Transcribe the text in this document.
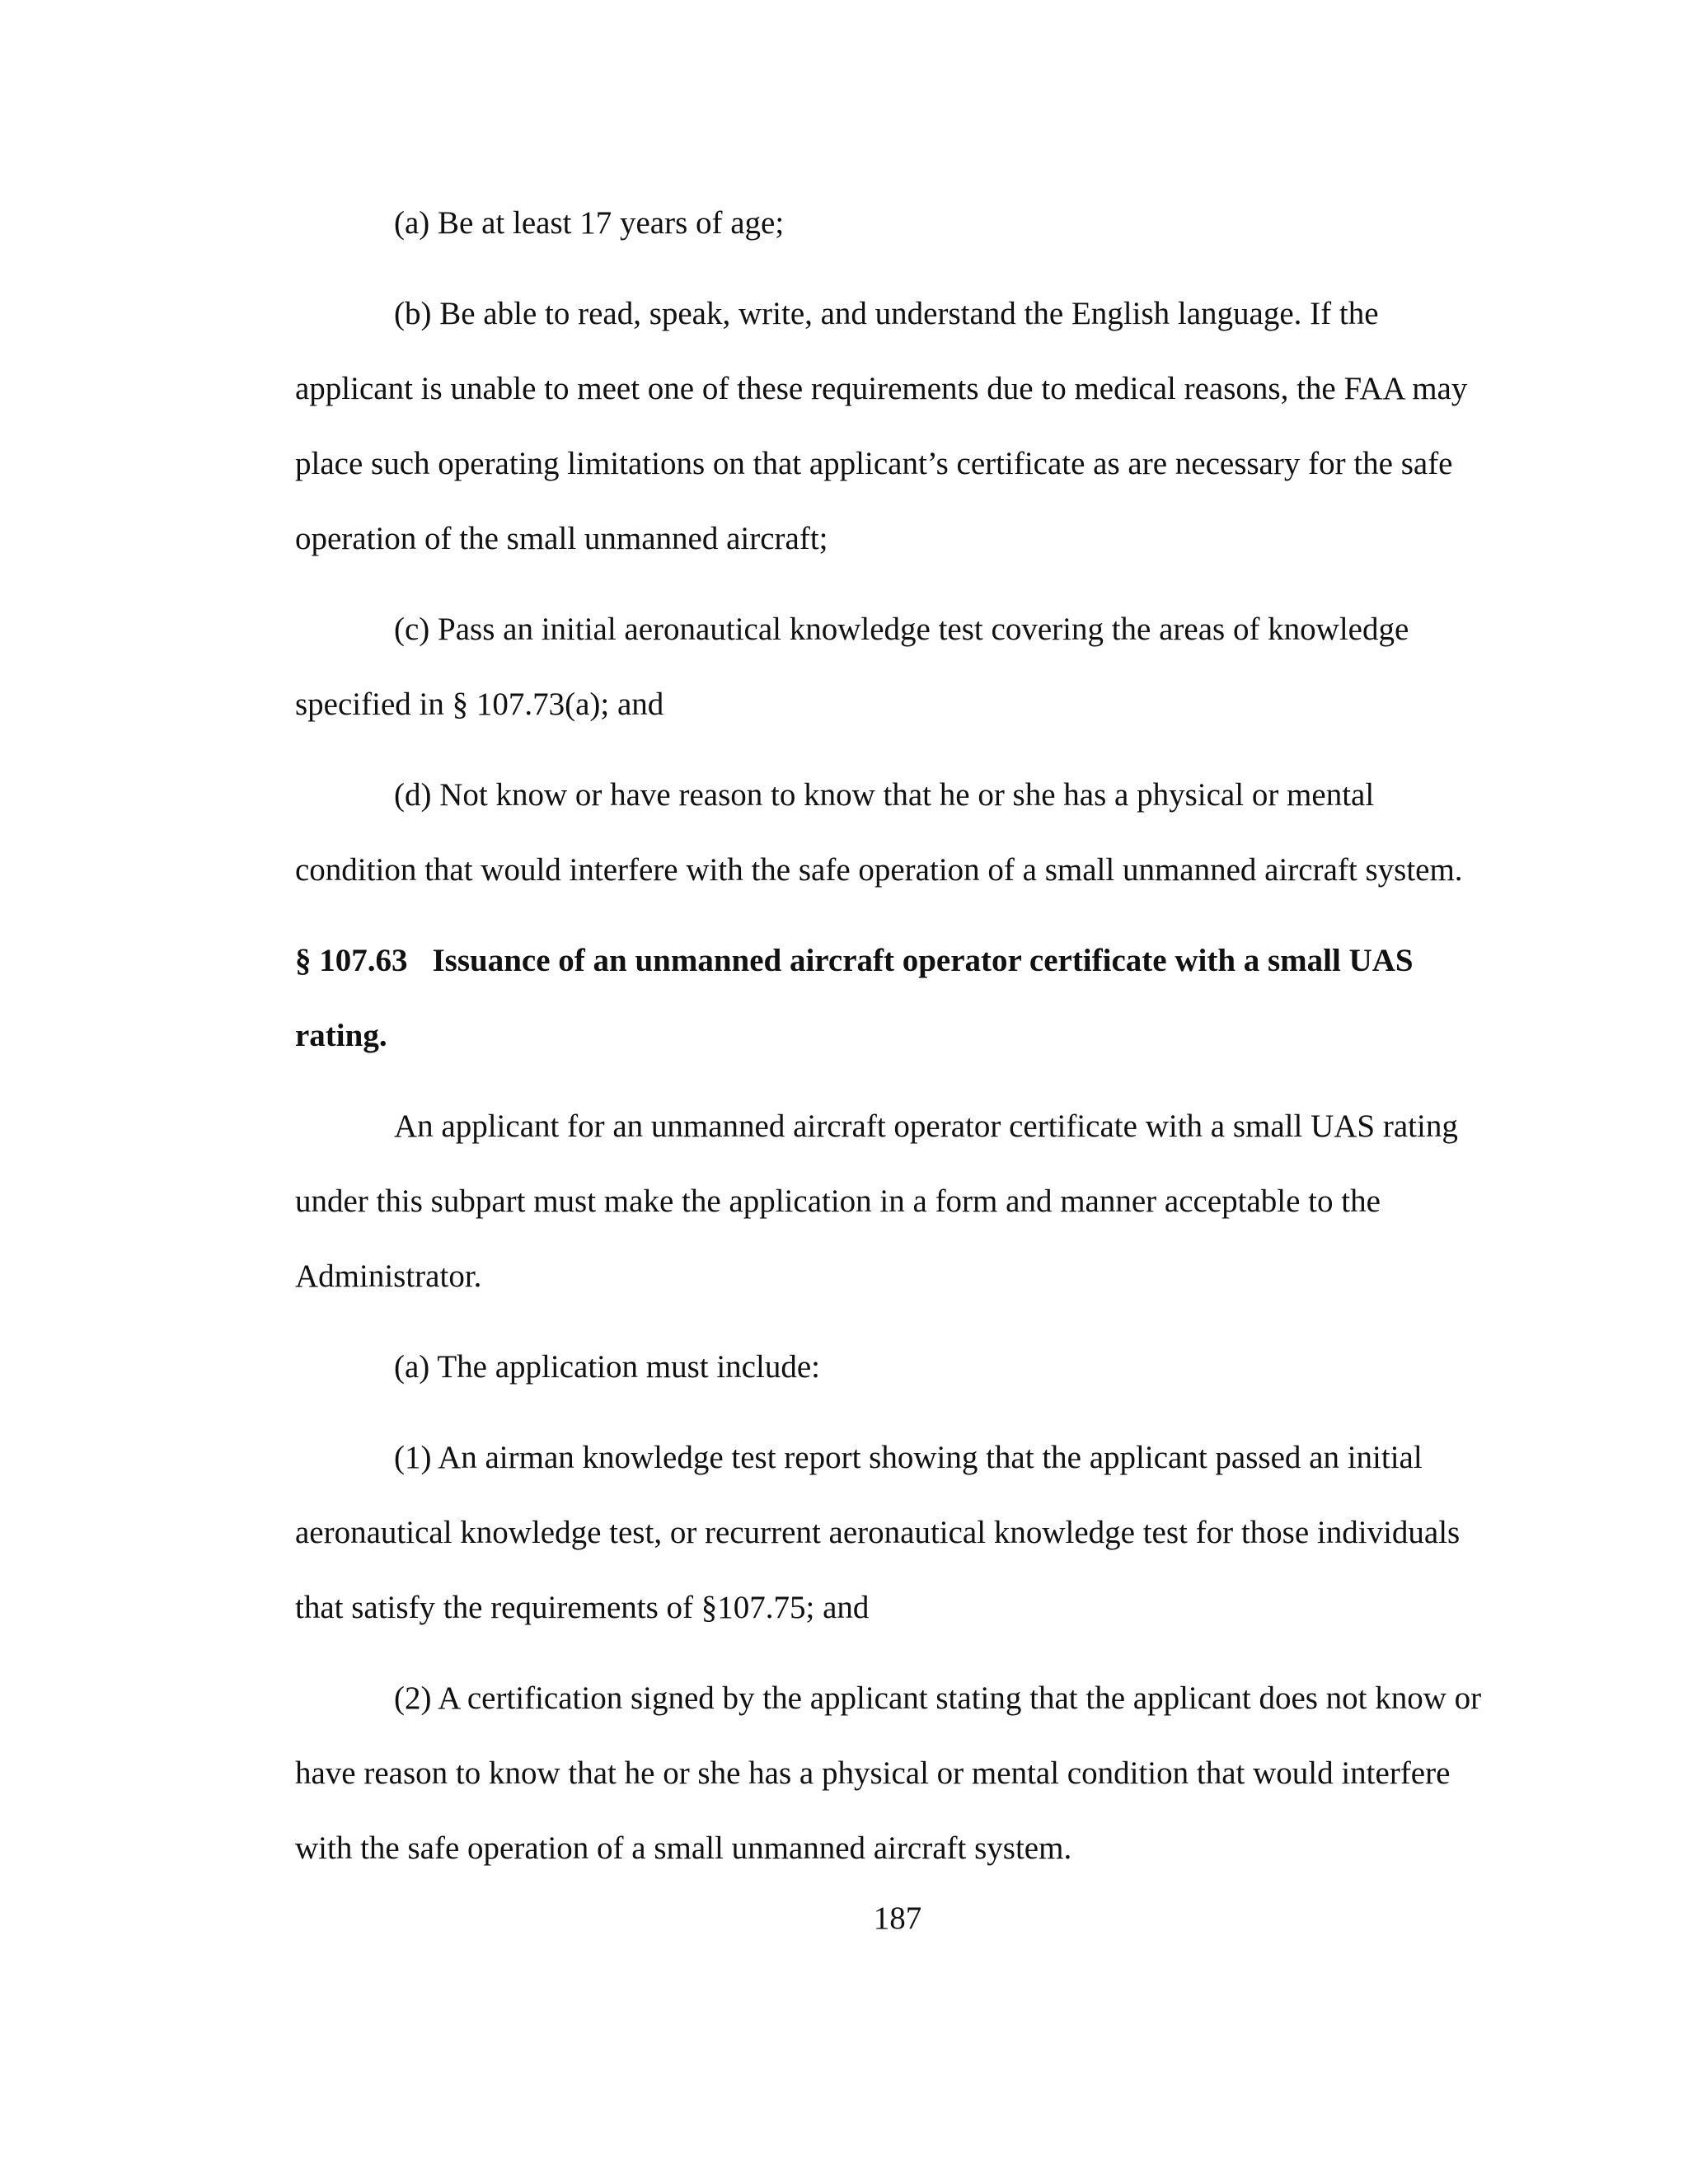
(a) Be at least 17 years of age;

(b) Be able to read, speak, write, and understand the English language. If the applicant is unable to meet one of these requirements due to medical reasons, the FAA may place such operating limitations on that applicant’s certificate as are necessary for the safe operation of the small unmanned aircraft;

(c) Pass an initial aeronautical knowledge test covering the areas of knowledge specified in § 107.73(a); and

(d) Not know or have reason to know that he or she has a physical or mental condition that would interfere with the safe operation of a small unmanned aircraft system.

§ 107.63 Issuance of an unmanned aircraft operator certificate with a small UAS rating.

An applicant for an unmanned aircraft operator certificate with a small UAS rating under this subpart must make the application in a form and manner acceptable to the Administrator.

(a) The application must include:

(1) An airman knowledge test report showing that the applicant passed an initial aeronautical knowledge test, or recurrent aeronautical knowledge test for those individuals that satisfy the requirements of §107.75; and

(2) A certification signed by the applicant stating that the applicant does not know or have reason to know that he or she has a physical or mental condition that would interfere with the safe operation of a small unmanned aircraft system.

187
